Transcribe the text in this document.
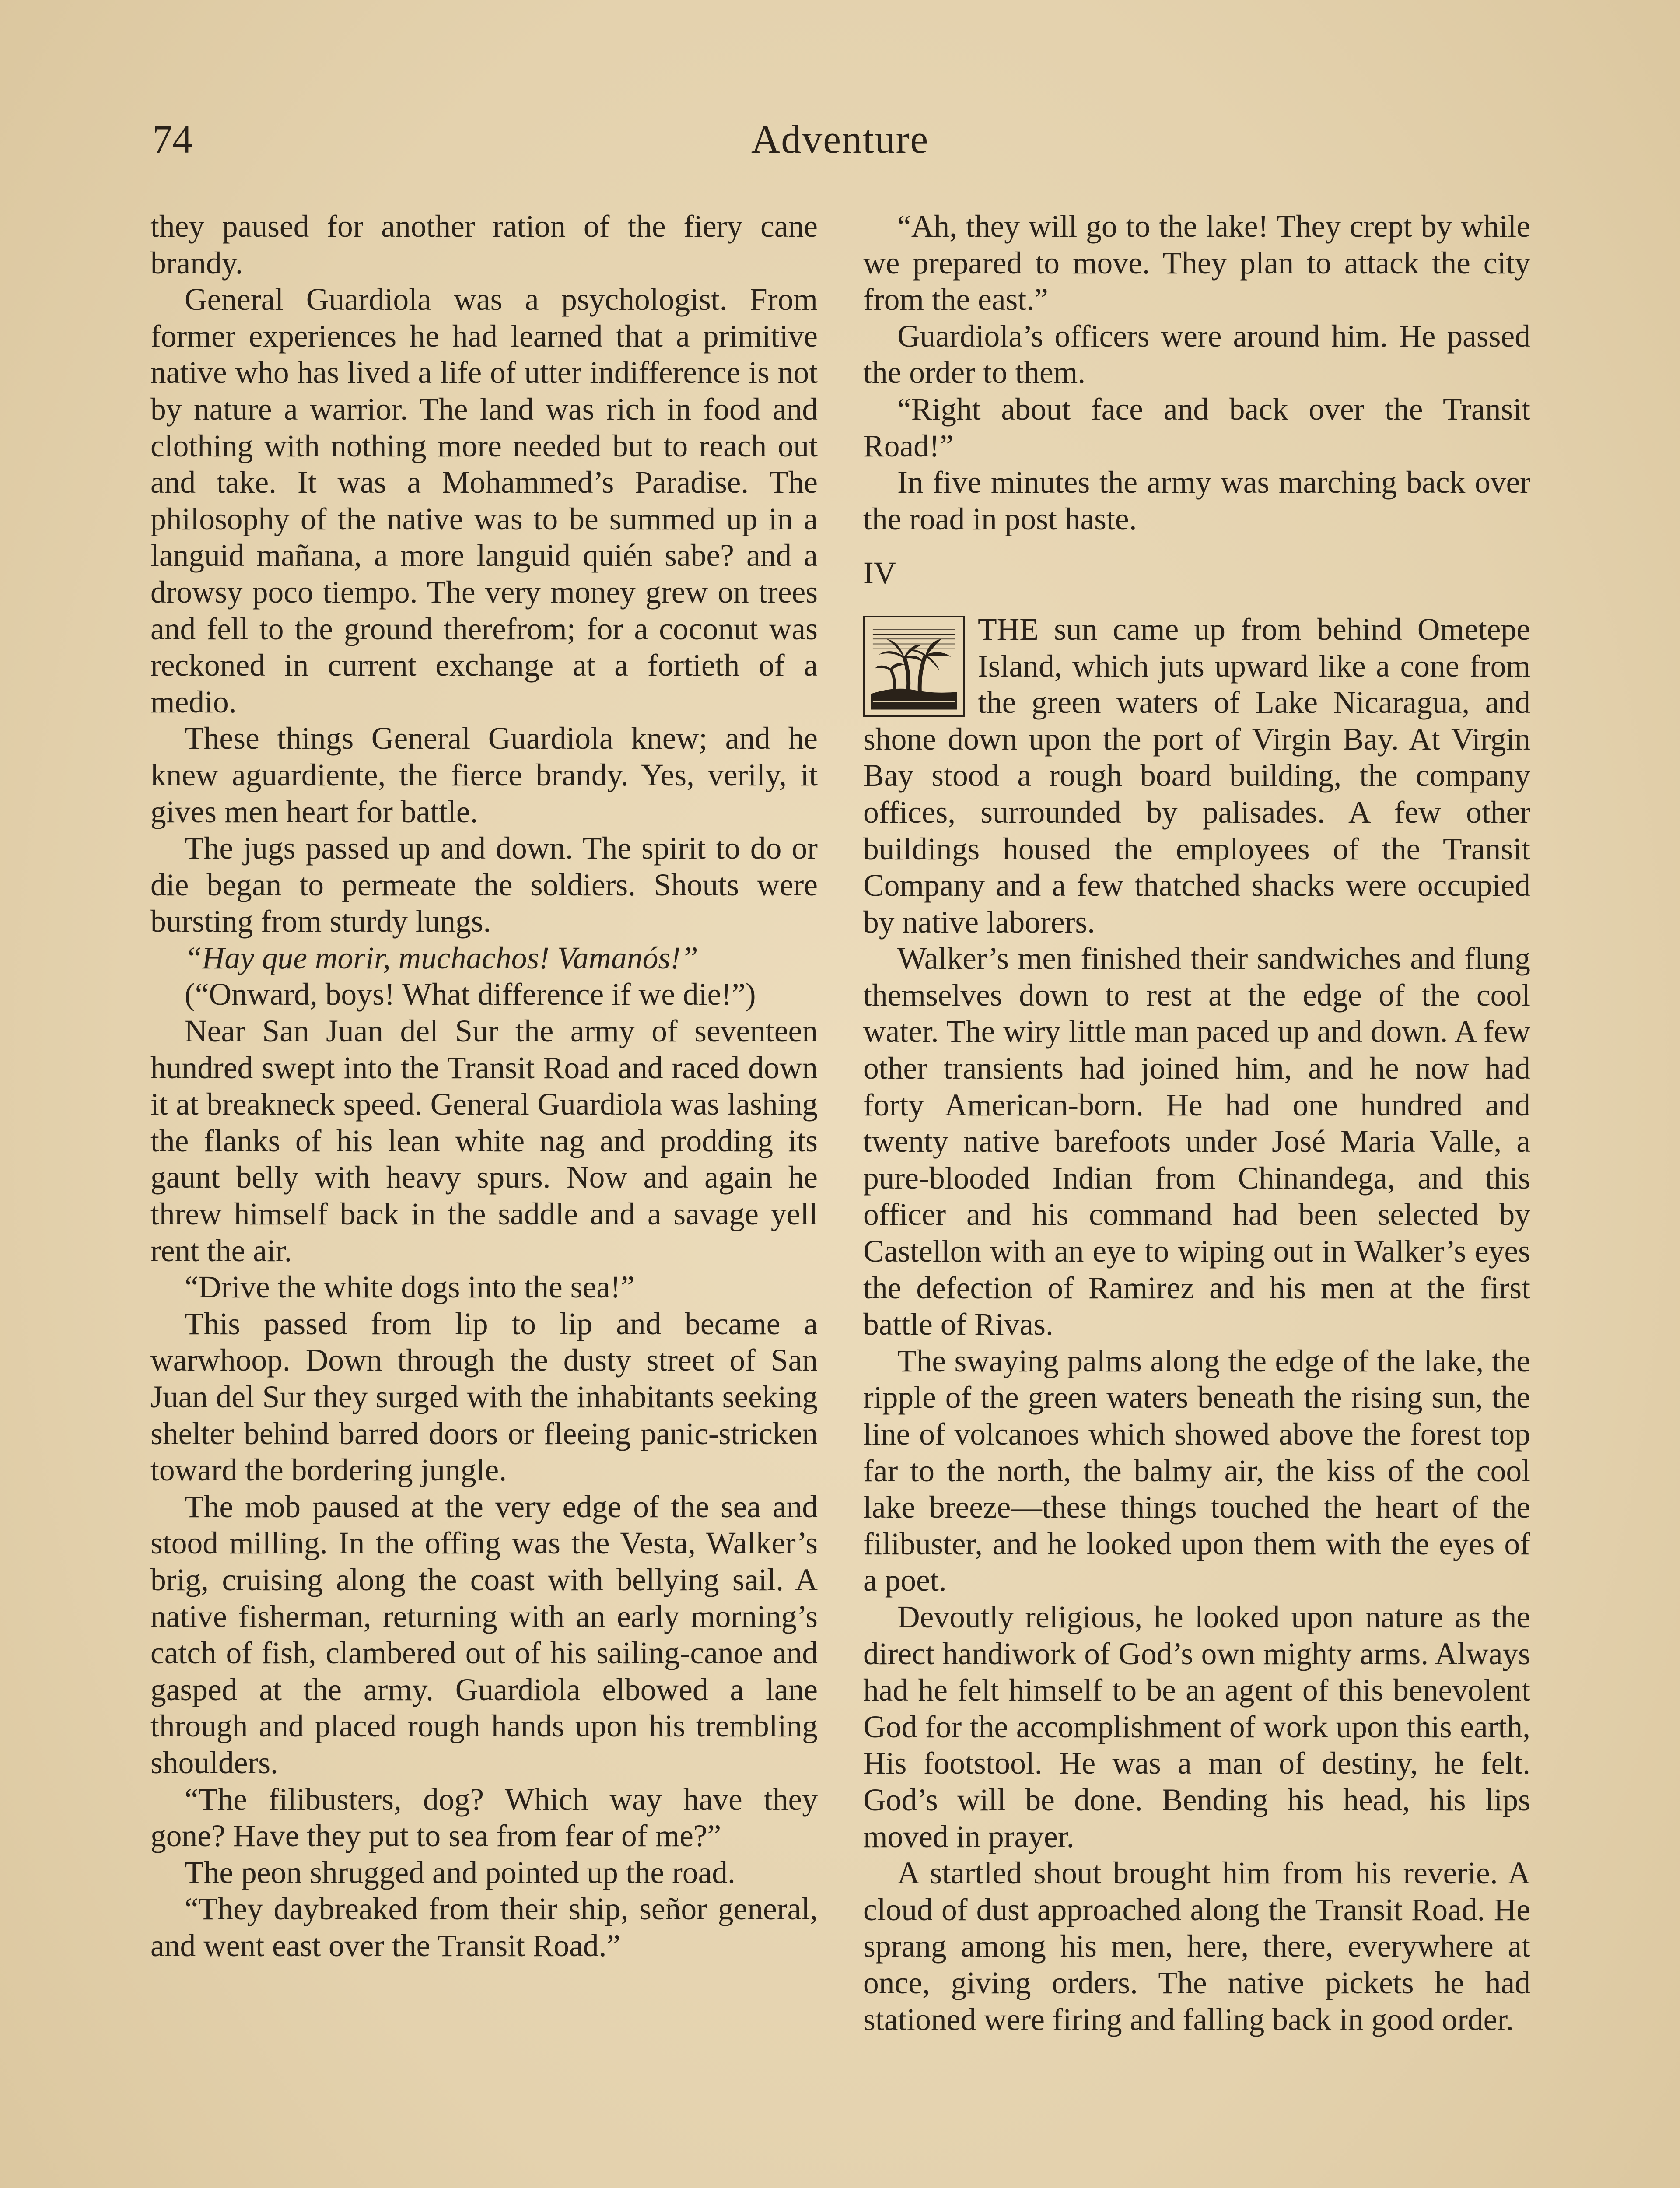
74	Adventure

they paused for another ration of the fiery cane brandy.

General Guardiola was a psychologist. From former experiences he had learned that a primitive native who has lived a life of utter indifference is not by nature a warrior. The land was rich in food and clothing with nothing more needed but to reach out and take. It was a Mohammed’s Paradise. The philosophy of the native was to be summed up in a languid mañana, a more languid quién sabe? and a drowsy poco tiempo. The very money grew on trees and fell to the ground therefrom; for a coconut was reckoned in current exchange at a fortieth of a medio.

These things General Guardiola knew; and he knew aguardiente, the fierce brandy. Yes, verily, it gives men heart for battle.

The jugs passed up and down. The spirit to do or die began to permeate the soldiers. Shouts were bursting from sturdy lungs.

“Hay que morir, muchachos! Vamanós!”

(“Onward, boys! What difference if we die!”)

Near San Juan del Sur the army of seventeen hundred swept into the Transit Road and raced down it at breakneck speed. General Guardiola was lashing the flanks of his lean white nag and prodding its gaunt belly with heavy spurs. Now and again he threw himself back in the saddle and a savage yell rent the air.

“Drive the white dogs into the sea!”

This passed from lip to lip and became a warwhoop. Down through the dusty street of San Juan del Sur they surged with the inhabitants seeking shelter behind barred doors or fleeing panic-stricken toward the bordering jungle.

The mob paused at the very edge of the sea and stood milling. In the offing was the Vesta, Walker’s brig, cruising along the coast with bellying sail. A native fisherman, returning with an early morning’s catch of fish, clambered out of his sailing-canoe and gasped at the army. Guardiola elbowed a lane through and placed rough hands upon his trembling shoulders.

“The filibusters, dog? Which way have they gone? Have they put to sea from fear of me?”

The peon shrugged and pointed up the road.

“They daybreaked from their ship, señor general, and went east over the Transit Road.”

“Ah, they will go to the lake! They crept by while we prepared to move. They plan to attack the city from the east.”

Guardiola’s officers were around him. He passed the order to them.

“Right about face and back over the Transit Road!”

In five minutes the army was marching back over the road in post haste.

IV

THE sun came up from behind Ometepe Island, which juts upward like a cone from the green waters of Lake Nicaragua, and shone down upon the port of Virgin Bay. At Virgin Bay stood a rough board building, the company offices, surrounded by palisades. A few other buildings housed the employees of the Transit Company and a few thatched shacks were occupied by native laborers.

Walker’s men finished their sandwiches and flung themselves down to rest at the edge of the cool water. The wiry little man paced up and down. A few other transients had joined him, and he now had forty American-born. He had one hundred and twenty native barefoots under José Maria Valle, a pure-blooded Indian from Chinandega, and this officer and his command had been selected by Castellon with an eye to wiping out in Walker’s eyes the defection of Ramirez and his men at the first battle of Rivas.

The swaying palms along the edge of the lake, the ripple of the green waters beneath the rising sun, the line of volcanoes which showed above the forest top far to the north, the balmy air, the kiss of the cool lake breeze—these things touched the heart of the filibuster, and he looked upon them with the eyes of a poet.

Devoutly religious, he looked upon nature as the direct handiwork of God’s own mighty arms. Always had he felt himself to be an agent of this benevolent God for the accomplishment of work upon this earth, His footstool. He was a man of destiny, he felt. God’s will be done. Bending his head, his lips moved in prayer.

A startled shout brought him from his reverie. A cloud of dust approached along the Transit Road. He sprang among his men, here, there, everywhere at once, giving orders. The native pickets he had stationed were firing and falling back in good order.
